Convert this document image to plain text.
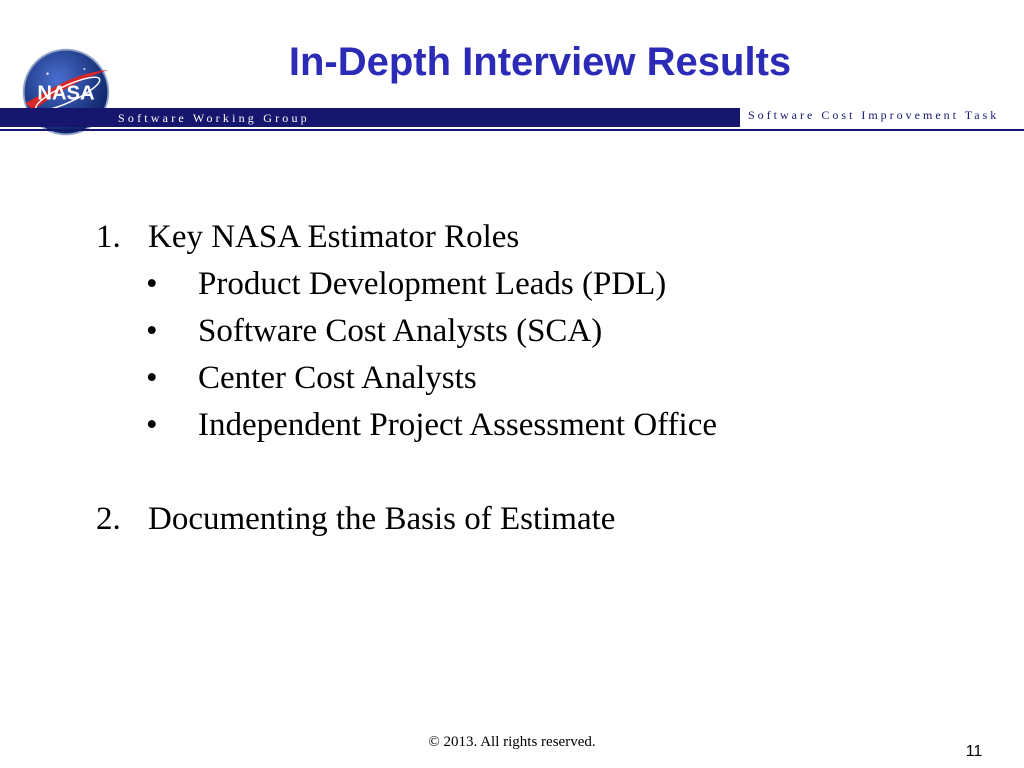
NASA
In-Depth Interview Results
Software Working Group	Software Cost Improvement Task
1. Key NASA Estimator Roles
•	Product Development Leads (PDL)
•	Software Cost Analysts (SCA)
•	Center Cost Analysts
•	Independent Project Assessment Office
2. Documenting the Basis of Estimate
© 2013. All rights reserved.
11
